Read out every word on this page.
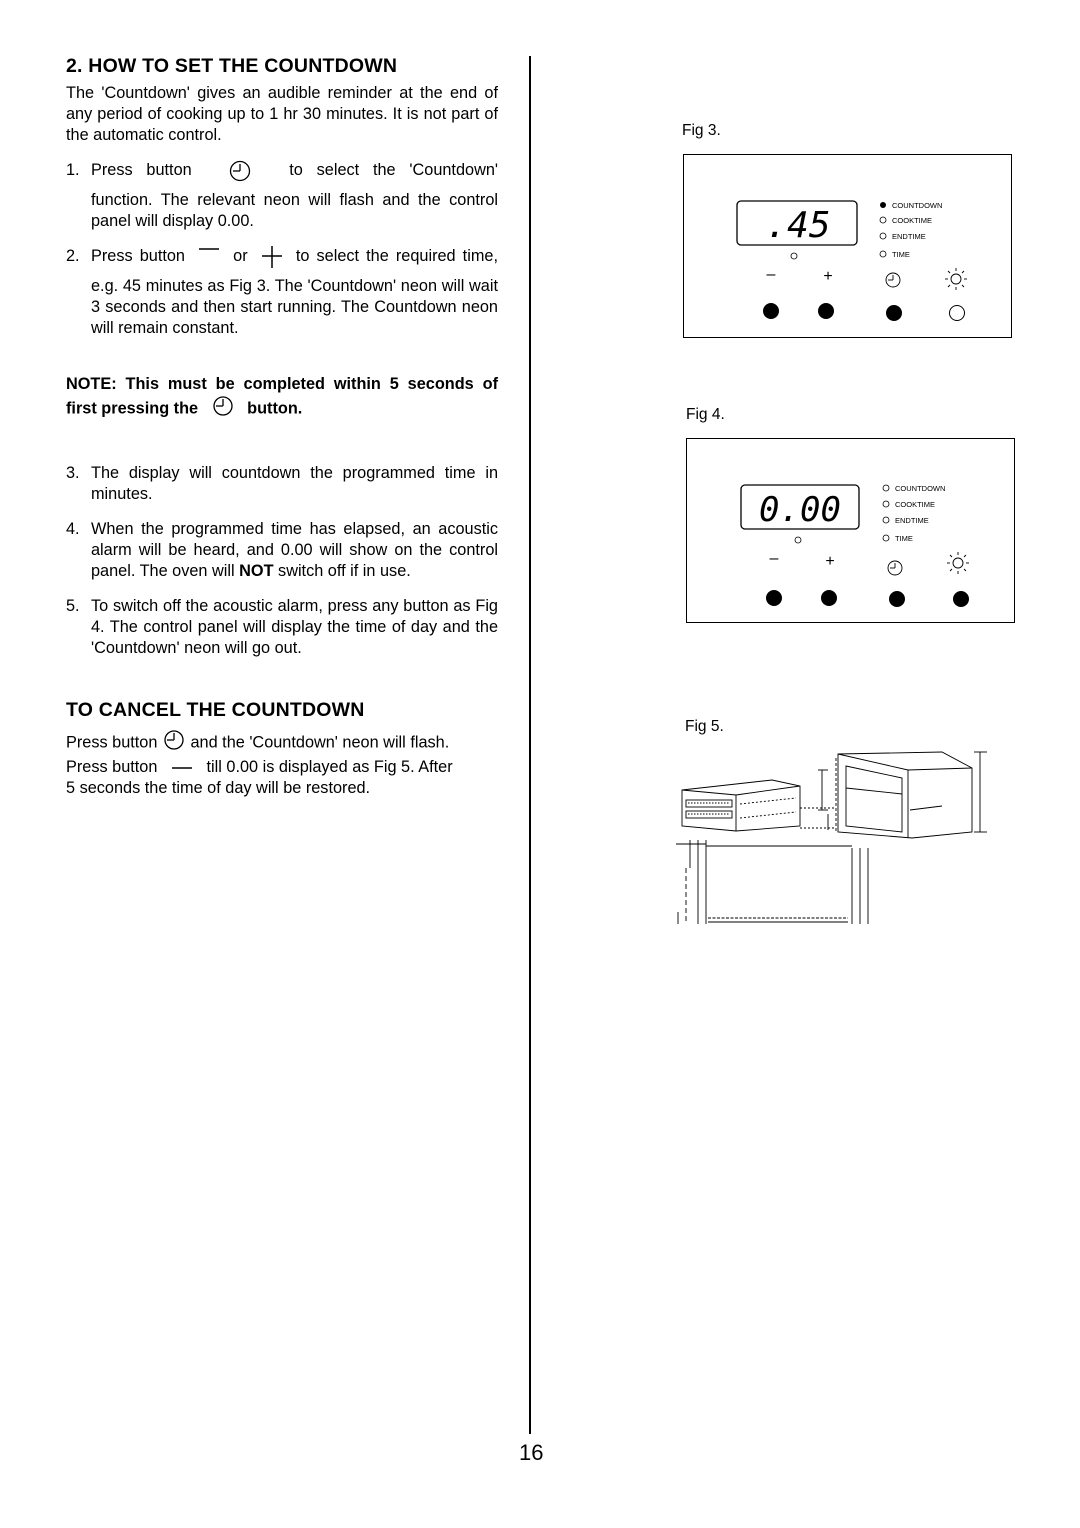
2. HOW TO SET THE COUNTDOWN

The 'Countdown' gives an audible reminder at the end of any period of cooking up to 1 hr 30 minutes. It is not part of the automatic control.

1. Press button	to select the 'Countdown' function. The relevant neon will flash and the control panel will display 0.00.
2. Press button	or	to select the required time, e.g. 45 minutes as Fig 3. The 'Countdown' neon will wait 3 seconds and then start running. The Countdown neon will remain constant.
NOTE: This must be completed within 5 seconds of first pressing the	button.
3. The display will countdown the programmed time in minutes.
4. When the programmed time has elapsed, an acoustic alarm will be heard, and 0.00 will show on the control panel. The oven will NOT switch off if in use.
5. To switch off the acoustic alarm, press any button as Fig 4. The control panel will display the time of day and the 'Countdown' neon will go out.
TO CANCEL THE COUNTDOWN
Press button and the 'Countdown' neon will flash.
Press button	till 0.00 is displayed as Fig 5. After
5 seconds the time of day will be restored.
Fig 3.
.45	COUNTDOWN
COOKTIME
ENDTIME
TIME
–	+
Fig 4.
0.00
COUNTDOWN
COOKTIME
ENDTIME
TIME
–	+
Fig 5.
16
